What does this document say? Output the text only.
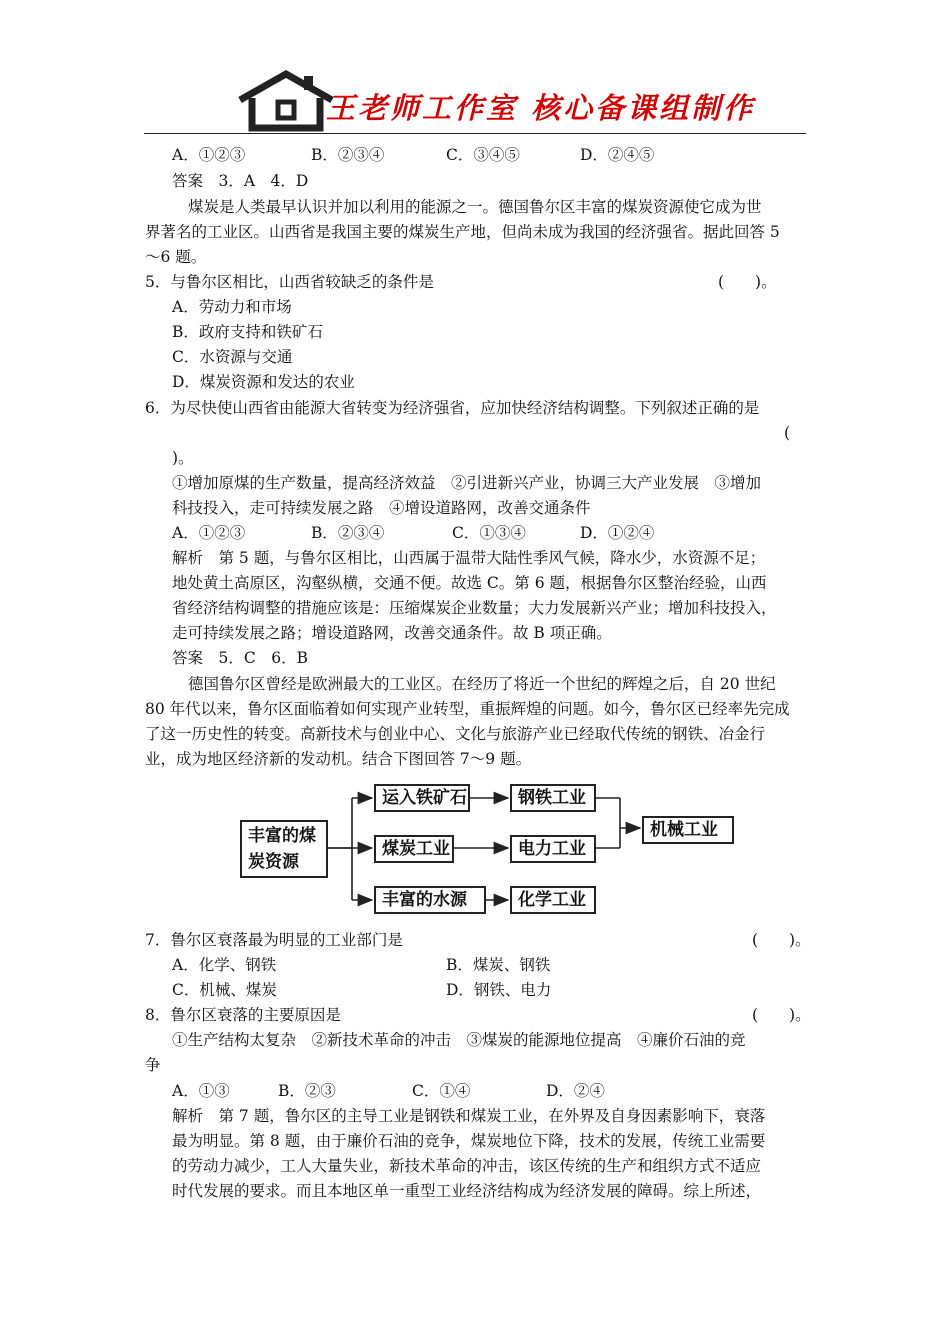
王老师工作室 核心备课组制作
A．①②③	B．②③④	C．③④⑤	D．②④⑤
答案　3．A　4．D
煤炭是人类最早认识并加以利用的能源之一。德国鲁尔区丰富的煤炭资源使它成为世
界著名的工业区。山西省是我国主要的煤炭生产地，但尚未成为我国的经济强省。据此回答 5
～6 题。
5．与鲁尔区相比，山西省较缺乏的条件是	(　　)。
A．劳动力和市场
B．政府支持和铁矿石
C．水资源与交通
D．煤炭资源和发达的农业
6．为尽快使山西省由能源大省转变为经济强省，应加快经济结构调整。下列叙述正确的是
(
)。
①增加原煤的生产数量，提高经济效益　②引进新兴产业，协调三大产业发展　③增加
科技投入，走可持续发展之路　④增设道路网，改善交通条件
A．①②③	B．②③④	C．①③④	D．①②④
解析　第 5 题，与鲁尔区相比，山西属于温带大陆性季风气候，降水少，水资源不足；
地处黄土高原区，沟壑纵横，交通不便。故选 C。第 6 题，根据鲁尔区整治经验，山西
省经济结构调整的措施应该是：压缩煤炭企业数量；大力发展新兴产业；增加科技投入，
走可持续发展之路；增设道路网，改善交通条件。故 B 项正确。
答案　5．C　6．B
德国鲁尔区曾经是欧洲最大的工业区。在经历了将近一个世纪的辉煌之后，自 20 世纪
80 年代以来，鲁尔区面临着如何实现产业转型，重振辉煌的问题。如今，鲁尔区已经率先完成
了这一历史性的转变。高新技术与创业中心、文化与旅游产业已经取代传统的钢铁、冶金行
业，成为地区经济新的发动机。结合下图回答 7～9 题。
丰富的煤炭资源
运入铁矿石
煤炭工业
丰富的水源
钢铁工业
电力工业
化学工业
机械工业
7．鲁尔区衰落最为明显的工业部门是	(　　)。
A．化学、钢铁	B．煤炭、钢铁
C．机械、煤炭	D．钢铁、电力
8．鲁尔区衰落的主要原因是	(　　)。
①生产结构太复杂　②新技术革命的冲击　③煤炭的能源地位提高　④廉价石油的竞
争
A．①③	B．②③	C．①④	D．②④
解析　第 7 题，鲁尔区的主导工业是钢铁和煤炭工业，在外界及自身因素影响下，衰落
最为明显。第 8 题，由于廉价石油的竞争，煤炭地位下降，技术的发展，传统工业需要
的劳动力减少，工人大量失业，新技术革命的冲击，该区传统的生产和组织方式不适应
时代发展的要求。而且本地区单一重型工业经济结构成为经济发展的障碍。综上所述，
